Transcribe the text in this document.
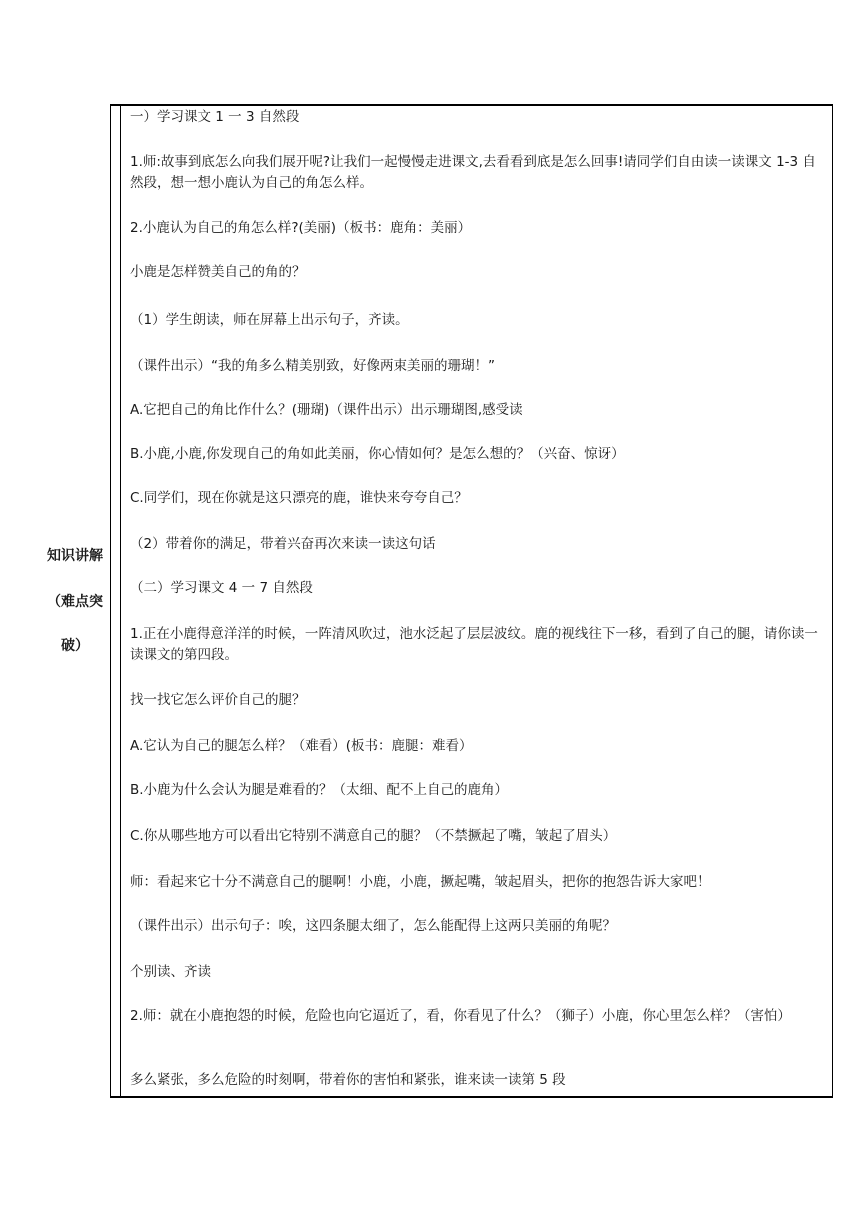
知识讲解
（难点突
破）

一）学习课文 1 一 3 自然段

1.师:故事到底怎么向我们展开呢?让我们一起慢慢走进课文,去看看到底是怎么回事!请同学们自由读一读课文 1-3 自然段，想一想小鹿认为自己的角怎么样。

2.小鹿认为自己的角怎么样?(美丽)（板书：鹿角：美丽）

小鹿是怎样赞美自己的角的？

（1）学生朗读，师在屏幕上出示句子，齐读。

（课件出示）“我的角多么精美别致，好像两束美丽的珊瑚！”

A.它把自己的角比作什么？(珊瑚)（课件出示）出示珊瑚图,感受读

B.小鹿,小鹿,你发现自己的角如此美丽，你心情如何？是怎么想的？（兴奋、惊讶）

C.同学们，现在你就是这只漂亮的鹿，谁快来夸夸自己？

（2）带着你的满足，带着兴奋再次来读一读这句话

（二）学习课文 4 一 7 自然段

1.正在小鹿得意洋洋的时候，一阵清风吹过，池水泛起了层层波纹。鹿的视线往下一移，看到了自己的腿，请你读一读课文的第四段。

找一找它怎么评价自己的腿？

A.它认为自己的腿怎么样？（难看）(板书：鹿腿：难看）

B.小鹿为什么会认为腿是难看的？（太细、配不上自己的鹿角）

C.你从哪些地方可以看出它特别不满意自己的腿？（不禁撅起了嘴，皱起了眉头）

师：看起来它十分不满意自己的腿啊！小鹿，小鹿，撅起嘴，皱起眉头，把你的抱怨告诉大家吧！

（课件出示）出示句子：唉，这四条腿太细了，怎么能配得上这两只美丽的角呢？

个别读、齐读

2.师：就在小鹿抱怨的时候，危险也向它逼近了，看，你看见了什么？（狮子）小鹿，你心里怎么样？（害怕）

多么紧张，多么危险的时刻啊，带着你的害怕和紧张，谁来读一读第 5 段
